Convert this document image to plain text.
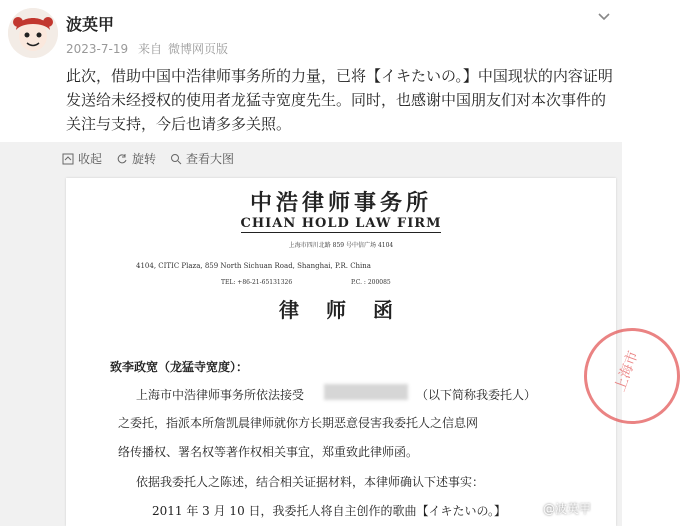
波英甲
2023-7-19 来自 微博网页版
此次，借助中国中浩律师事务所的力量，已将【イキたいの。】中国现状的内容证明发送给未经授权的使用者龙猛寺宽度先生。同时，也感谢中国朋友们对本次事件的关注与支持，今后也请多多关照。
收起	旋转	查看大图
中浩律师事务所
CHIAN HOLD LAW FIRM
上海市四川北路 859 号中信广场 4104
4104, CITIC Plaza, 859 North Sichuan Road, Shanghai, P.R. China
TEL: +86-21-65131326	P.C. : 200085
律 师 函
致李政宽（龙猛寺宽度）：
上海市中浩律师事务所依法接受	（以下简称我委托人）
之委托，指派本所詹凯晨律师就你方长期恶意侵害我委托人之信息网
络传播权、署名权等著作权相关事宜，郑重致此律师函。
依据我委托人之陈述，结合相关证据材料，本律师确认下述事实：
2011 年 3 月 10 日，我委托人将自主创作的歌曲【イキたいの。】
上海市
@波英甲
